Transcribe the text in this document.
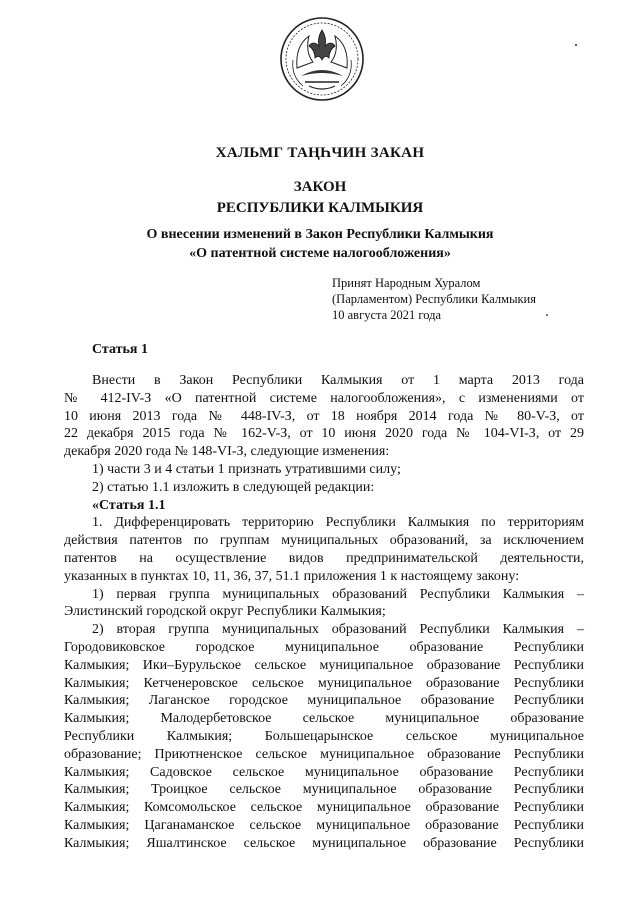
ХАЛЬМГ ТАҢҺЧИН ЗАКАН
ЗАКОН
РЕСПУБЛИКИ КАЛМЫКИЯ
О внесении изменений в Закон Республики Калмыкия
«О патентной системе налогообложения»
Принят Народным Хуралом
(Парламентом) Республики Калмыкия
10 августа 2021 года
Статья 1

Внести в Закон Республики Калмыкия от 1 марта 2013 года

№ 412-IV-З «О патентной системе налогообложения», с изменениями от

10 июня 2013 года № 448-IV-З, от 18 ноября 2014 года № 80-V-З, от

22 декабря 2015 года № 162-V-З, от 10 июня 2020 года № 104-VI-З, от 29

декабря 2020 года № 148-VI-З, следующие изменения:

1) части 3 и 4 статьи 1 признать утратившими силу;

2) статью 1.1 изложить в следующей редакции:

«Статья 1.1

1. Дифференцировать территорию Республики Калмыкия по территориям

действия патентов по группам муниципальных образований, за исключением

патентов на осуществление видов предпринимательской деятельности,

указанных в пунктах 10, 11, 36, 37, 51.1 приложения 1 к настоящему закону:

1) первая группа муниципальных образований Республики Калмыкия –

Элистинский городской округ Республики Калмыкия;

2) вторая группа муниципальных образований Республики Калмыкия –

Городовиковское городское муниципальное образование Республики

Калмыкия; Ики–Бурульское сельское муниципальное образование Республики

Калмыкия; Кетченеровское сельское муниципальное образование Республики

Калмыкия; Лаганское городское муниципальное образование Республики

Калмыкия; Малодербетовское сельское муниципальное образование

Республики Калмыкия; Большецарынское сельское муниципальное

образование; Приютненское сельское муниципальное образование Республики

Калмыкия; Садовское сельское муниципальное образование Республики

Калмыкия; Троицкое сельское муниципальное образование Республики

Калмыкия; Комсомольское сельское муниципальное образование Республики

Калмыкия; Цаганаманское сельское муниципальное образование Республики

Калмыкия; Яшалтинское сельское муниципальное образование Республики
